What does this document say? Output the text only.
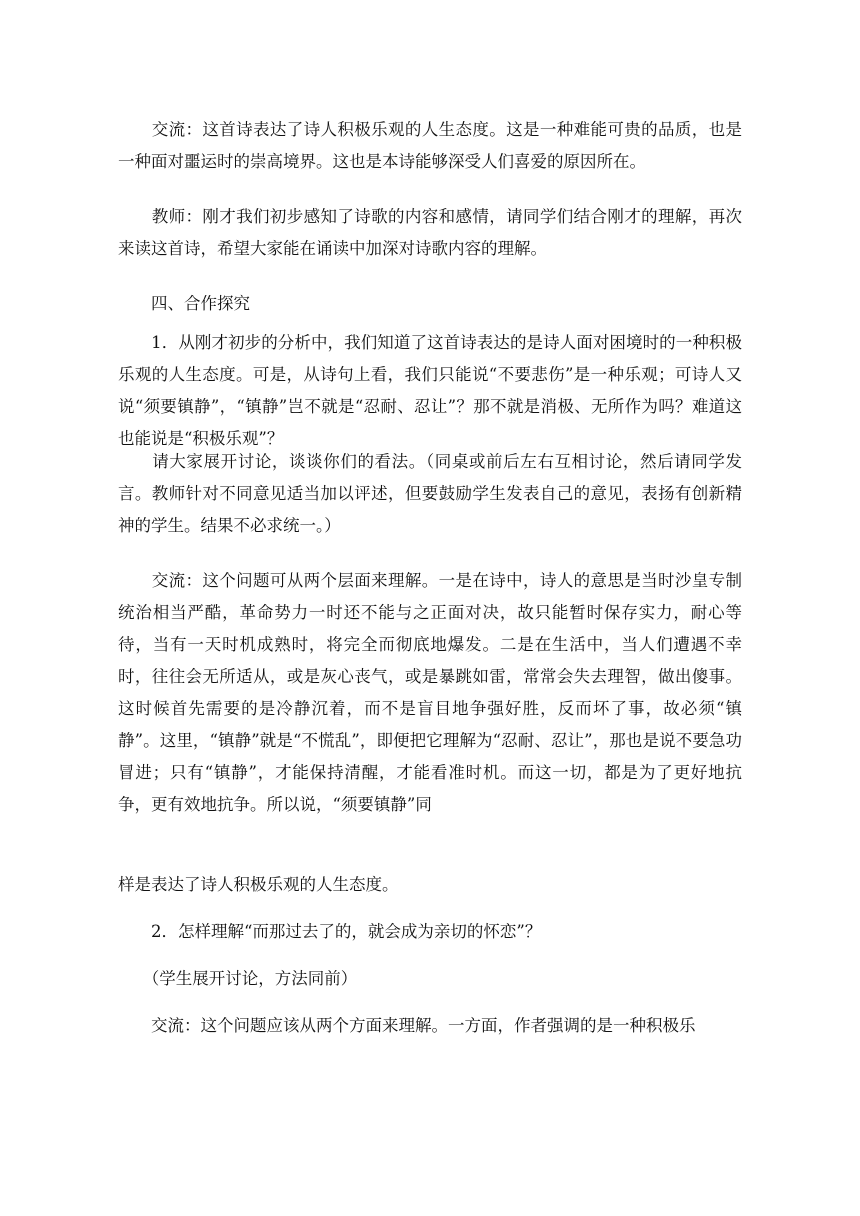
　　交流：这首诗表达了诗人积极乐观的人生态度。这是一种难能可贵的品质，也是一种面对噩运时的崇高境界。这也是本诗能够深受人们喜爱的原因所在。

　　教师：刚才我们初步感知了诗歌的内容和感情，请同学们结合刚才的理解，再次来读这首诗，希望大家能在诵读中加深对诗歌内容的理解。

　　四、合作探究

　　1．从刚才初步的分析中，我们知道了这首诗表达的是诗人面对困境时的一种积极乐观的人生态度。可是，从诗句上看，我们只能说“不要悲伤”是一种乐观；可诗人又说“须要镇静”，“镇静”岂不就是“忍耐、忍让”？那不就是消极、无所作为吗？难道这也能说是“积极乐观”？

　　请大家展开讨论，谈谈你们的看法。（同桌或前后左右互相讨论，然后请同学发言。教师针对不同意见适当加以评述，但要鼓励学生发表自己的意见，表扬有创新精神的学生。结果不必求统一。）

　　交流：这个问题可从两个层面来理解。一是在诗中，诗人的意思是当时沙皇专制统治相当严酷，革命势力一时还不能与之正面对决，故只能暂时保存实力，耐心等待，当有一天时机成熟时，将完全而彻底地爆发。二是在生活中，当人们遭遇不幸时，往往会无所适从，或是灰心丧气，或是暴跳如雷，常常会失去理智，做出傻事。这时候首先需要的是冷静沉着，而不是盲目地争强好胜，反而坏了事，故必须“镇静”。这里，“镇静”就是“不慌乱”，即便把它理解为“忍耐、忍让”，那也是说不要急功冒进；只有“镇静”，才能保持清醒，才能看准时机。而这一切，都是为了更好地抗争，更有效地抗争。所以说，“须要镇静”同

样是表达了诗人积极乐观的人生态度。

　　2．怎样理解“而那过去了的，就会成为亲切的怀恋”？

　　（学生展开讨论，方法同前）

　　交流：这个问题应该从两个方面来理解。一方面，作者强调的是一种积极乐
